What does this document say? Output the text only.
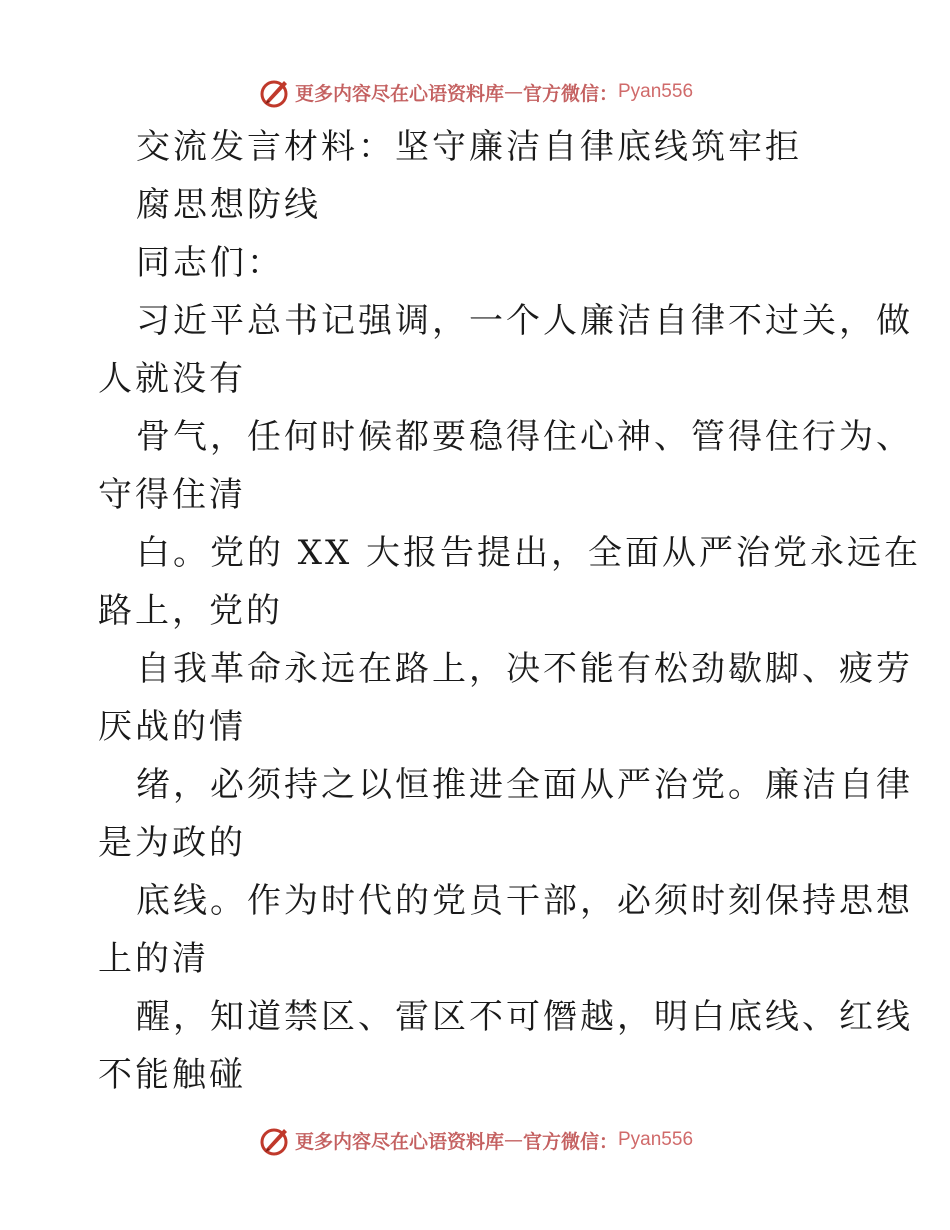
更多内容尽在心语资料库 — 官方微信： Pyan556
交流发言材料：坚守廉洁自律底线筑牢拒
腐思想防线
同志们：
习近平总书记强调，一个人廉洁自律不过关，做
人就没有
骨气，任何时候都要稳得住心神、管得住行为、
守得住清
白。党的 XX 大报告提出，全面从严治党永远在
路上，党的
自我革命永远在路上，决不能有松劲歇脚、疲劳
厌战的情
绪，必须持之以恒推进全面从严治党。廉洁自律
是为政的
底线。作为时代的党员干部，必须时刻保持思想
上的清
醒，知道禁区、雷区不可僭越，明白底线、红线
不能触碰
更多内容尽在心语资料库 — 官方微信： Pyan556
